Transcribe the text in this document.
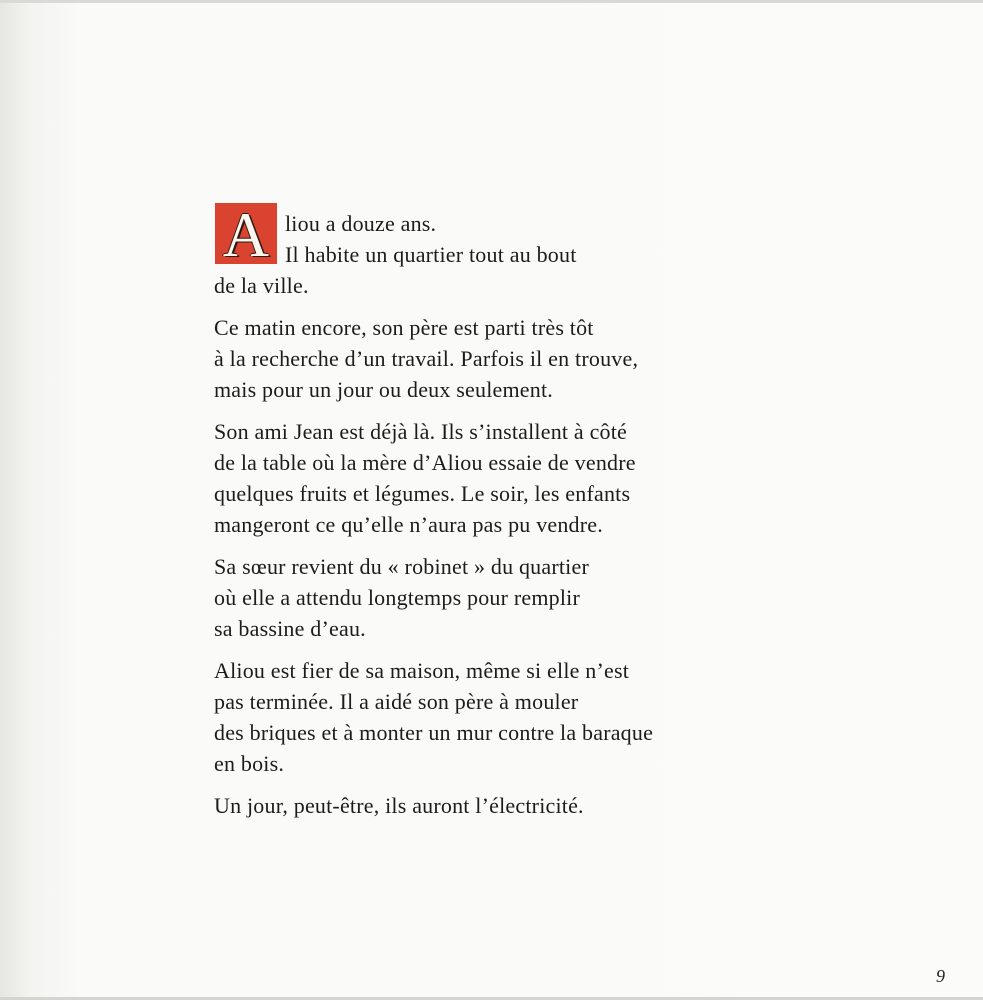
A liou a douze ans.
Il habite un quartier tout au bout
de la ville.
Ce matin encore, son père est parti très tôt
à la recherche d’un travail. Parfois il en trouve,
mais pour un jour ou deux seulement.
Son ami Jean est déjà là. Ils s’installent à côté
de la table où la mère d’Aliou essaie de vendre
quelques fruits et légumes. Le soir, les enfants
mangeront ce qu’elle n’aura pas pu vendre.
Sa sœur revient du « robinet » du quartier
où elle a attendu longtemps pour remplir
sa bassine d’eau.
Aliou est fier de sa maison, même si elle n’est
pas terminée. Il a aidé son père à mouler
des briques et à monter un mur contre la baraque
en bois.
Un jour, peut-être, ils auront l’électricité.
9
